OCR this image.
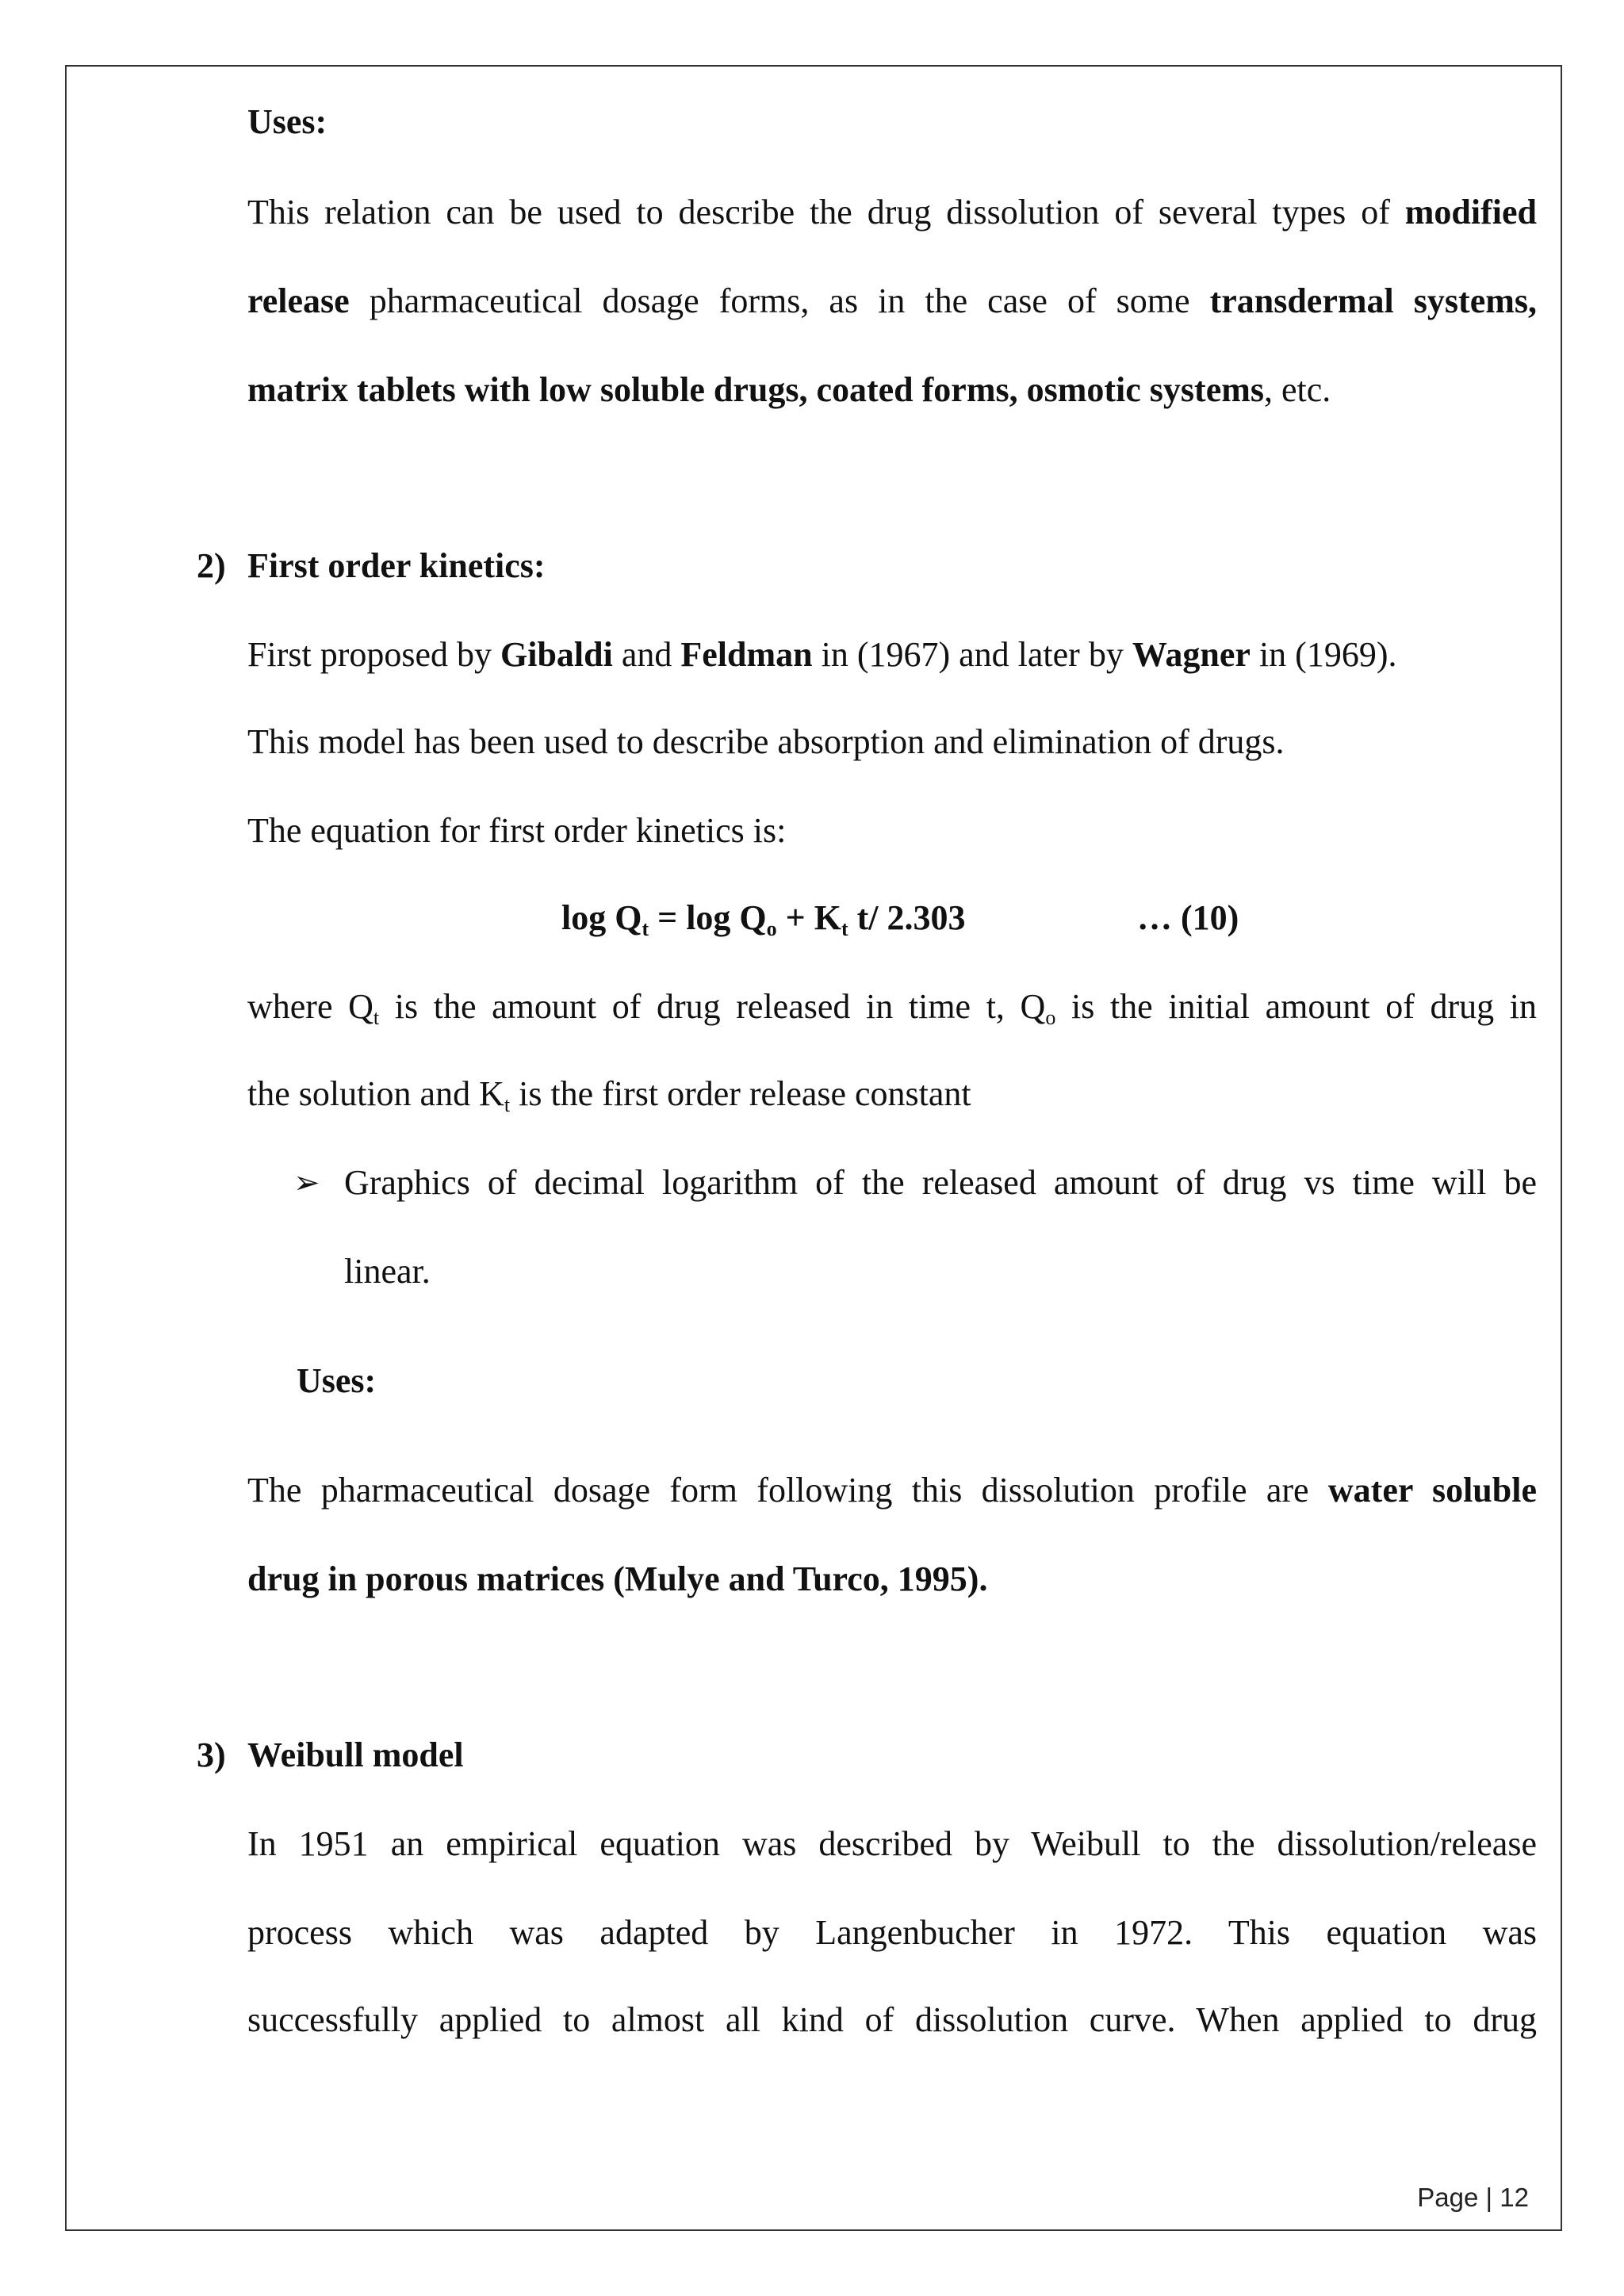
Uses:
This relation can be used to describe the drug dissolution of several types of modified
release pharmaceutical dosage forms, as in the case of some transdermal systems,
matrix tablets with low soluble drugs, coated forms, osmotic systems, etc.
2) First order kinetics:
First proposed by Gibaldi and Feldman in (1967) and later by Wagner in (1969).
This model has been used to describe absorption and elimination of drugs.
The equation for first order kinetics is:
$\log Q_t = \log Q_o + K_t$ t/ 2.303	… (10)
where $Q_t$ is the amount of drug released in time t, $Q_o$ is the initial amount of drug in
the solution and $K_t$ is the first order release constant
➢ Graphics of decimal logarithm of the released amount of drug vs time will be
linear.
Uses:
The pharmaceutical dosage form following this dissolution profile are water soluble
drug in porous matrices (Mulye and Turco, 1995).
3) Weibull model
In 1951 an empirical equation was described by Weibull to the dissolution/release
process which was adapted by Langenbucher in 1972. This equation was
successfully applied to almost all kind of dissolution curve. When applied to drug
Page | 12
